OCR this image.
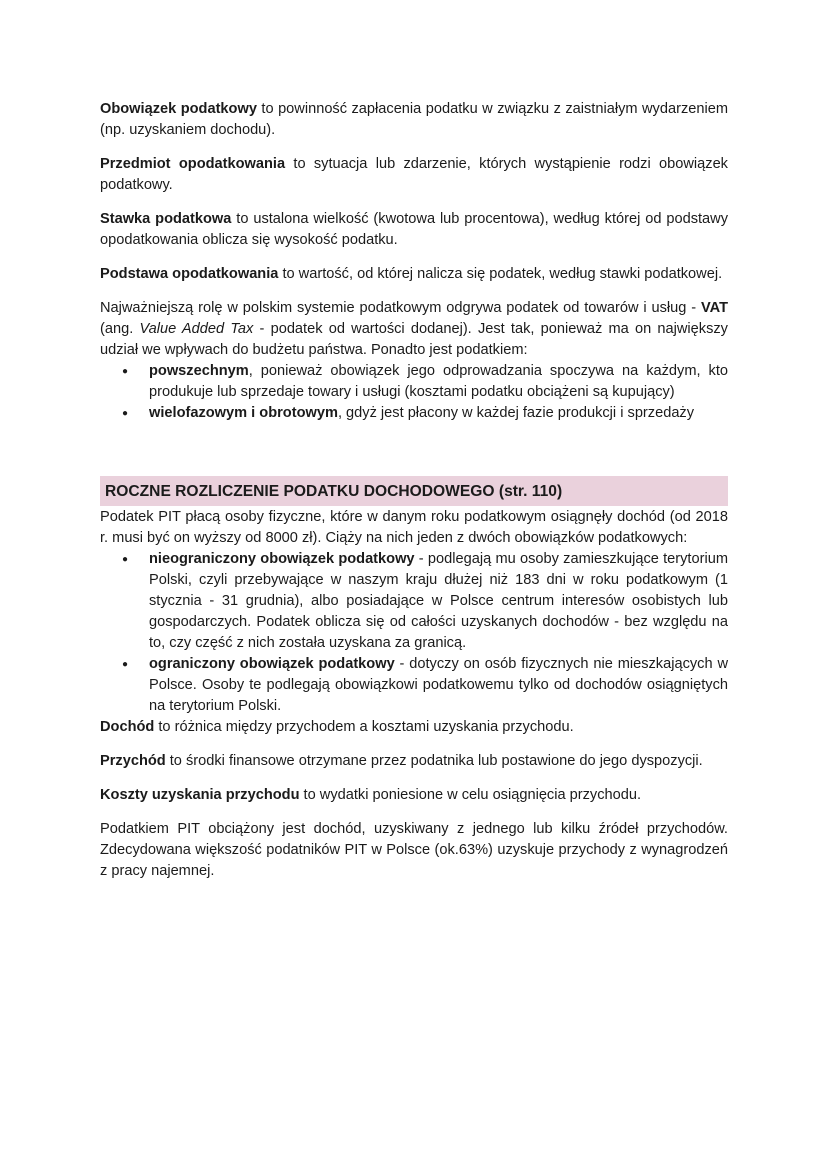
Obowiązek podatkowy to powinność zapłacenia podatku w związku z zaistniałym wydarzeniem (np. uzyskaniem dochodu).

Przedmiot opodatkowania to sytuacja lub zdarzenie, których wystąpienie rodzi obowiązek podatkowy.

Stawka podatkowa to ustalona wielkość (kwotowa lub procentowa), według której od podstawy opodatkowania oblicza się wysokość podatku.

Podstawa opodatkowania to wartość, od której nalicza się podatek, według stawki podatkowej.

Najważniejszą rolę w polskim systemie podatkowym odgrywa podatek od towarów i usług - VAT (ang. Value Added Tax - podatek od wartości dodanej). Jest tak, ponieważ ma on największy udział we wpływach do budżetu państwa. Ponadto jest podatkiem:

● powszechnym, ponieważ obowiązek jego odprowadzania spoczywa na każdym, kto produkuje lub sprzedaje towary i usługi (kosztami podatku obciążeni są kupujący)
● wielofazowym i obrotowym, gdyż jest płacony w każdej fazie produkcji i sprzedaży
ROCZNE ROZLICZENIE PODATKU DOCHODOWEGO (str. 110)

Podatek PIT płacą osoby fizyczne, które w danym roku podatkowym osiągnęły dochód (od 2018 r. musi być on wyższy od 8000 zł). Ciąży na nich jeden z dwóch obowiązków podatkowych:

● nieograniczony obowiązek podatkowy - podlegają mu osoby zamieszkujące terytorium Polski, czyli przebywające w naszym kraju dłużej niż 183 dni w roku podatkowym (1 stycznia - 31 grudnia), albo posiadające w Polsce centrum interesów osobistych lub gospodarczych. Podatek oblicza się od całości uzyskanych dochodów - bez względu na to, czy część z nich została uzyskana za granicą.
● ograniczony obowiązek podatkowy - dotyczy on osób fizycznych nie mieszkających w Polsce. Osoby te podlegają obowiązkowi podatkowemu tylko od dochodów osiągniętych na terytorium Polski.

Dochód to różnica między przychodem a kosztami uzyskania przychodu.

Przychód to środki finansowe otrzymane przez podatnika lub postawione do jego dyspozycji.

Koszty uzyskania przychodu to wydatki poniesione w celu osiągnięcia przychodu.

Podatkiem PIT obciążony jest dochód, uzyskiwany z jednego lub kilku źródeł przychodów. Zdecydowana większość podatników PIT w Polsce (ok.63%) uzyskuje przychody z wynagrodzeń z pracy najemnej.
